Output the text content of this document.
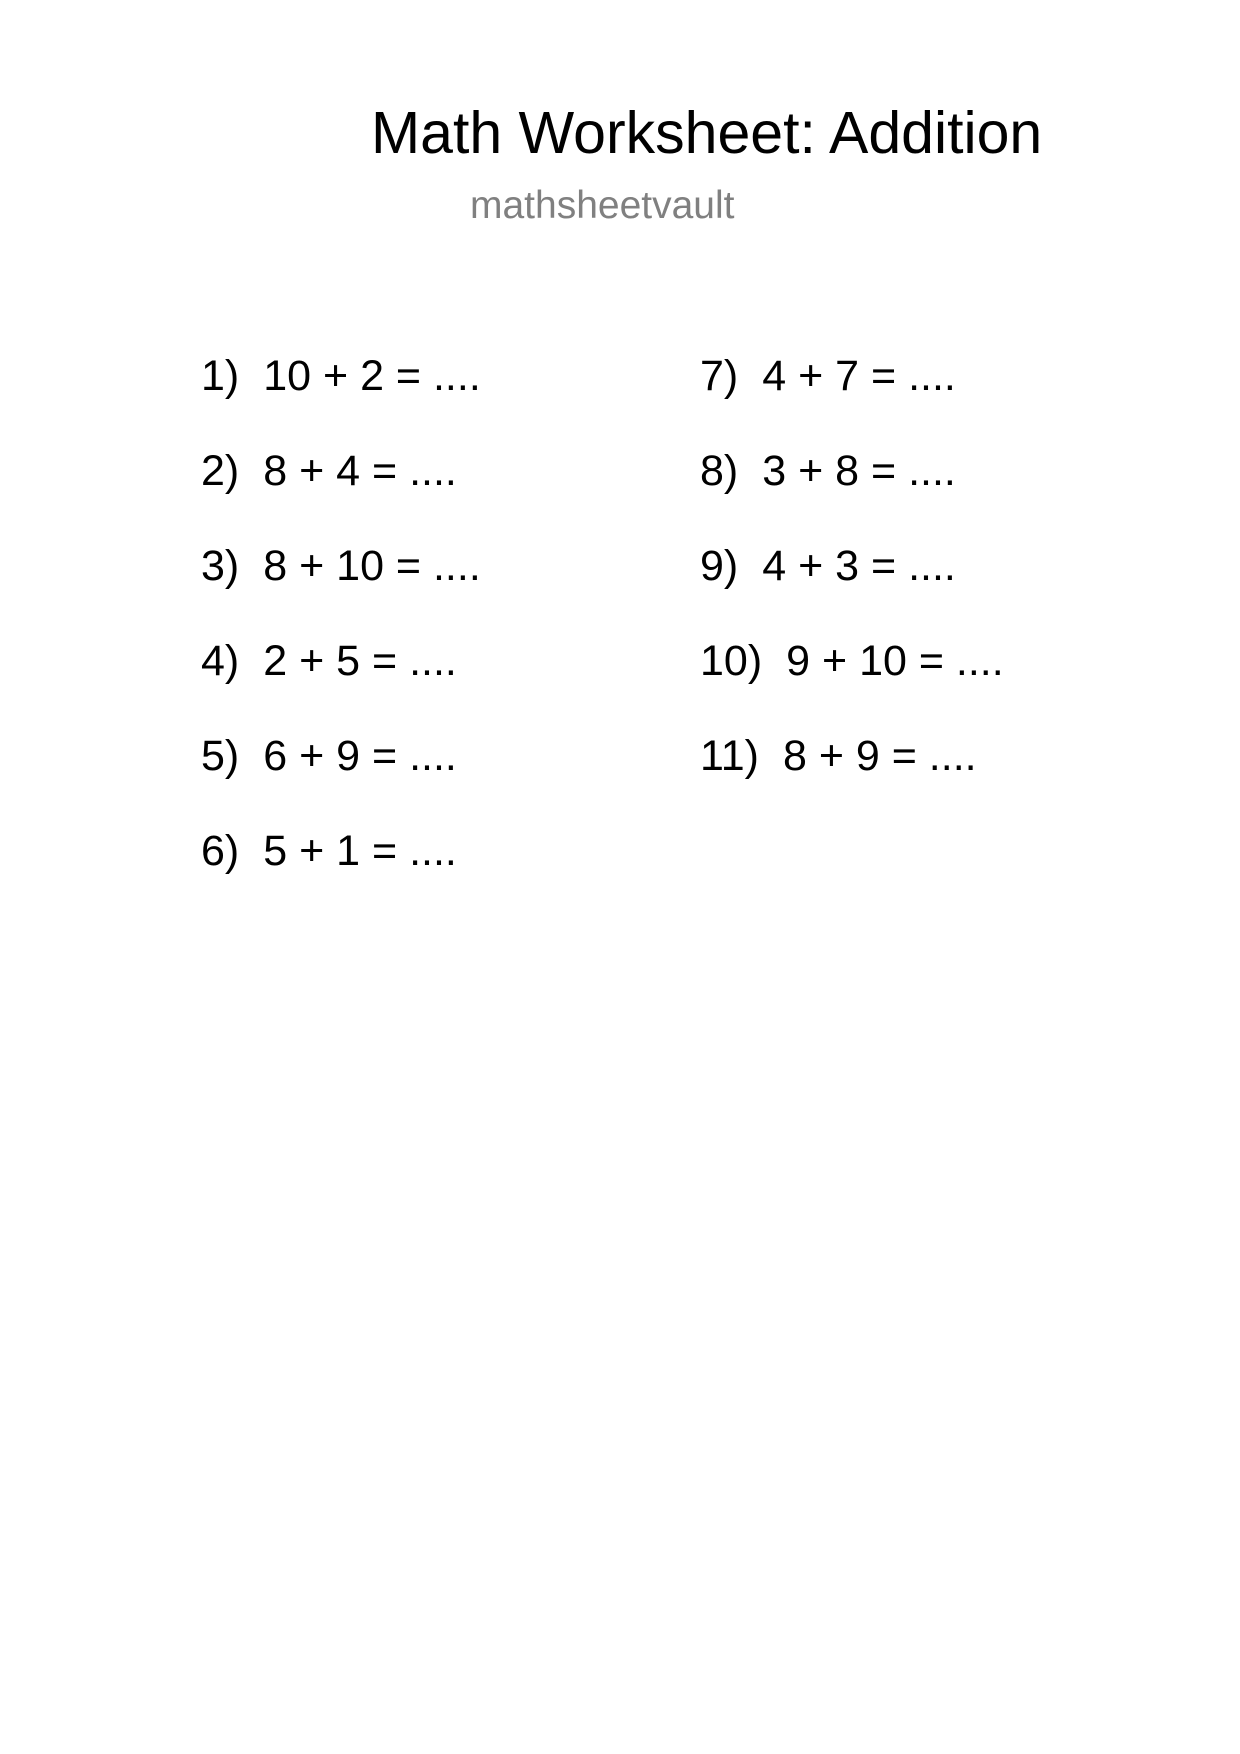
Math Worksheet: Addition
mathsheetvault
1) 10 + 2 = ....
2) 8 + 4 = ....
3) 8 + 10 = ....
4) 2 + 5 = ....
5) 6 + 9 = ....
6) 5 + 1 = ....
7) 4 + 7 = ....
8) 3 + 8 = ....
9) 4 + 3 = ....
10) 9 + 10 = ....
11) 8 + 9 = ....
